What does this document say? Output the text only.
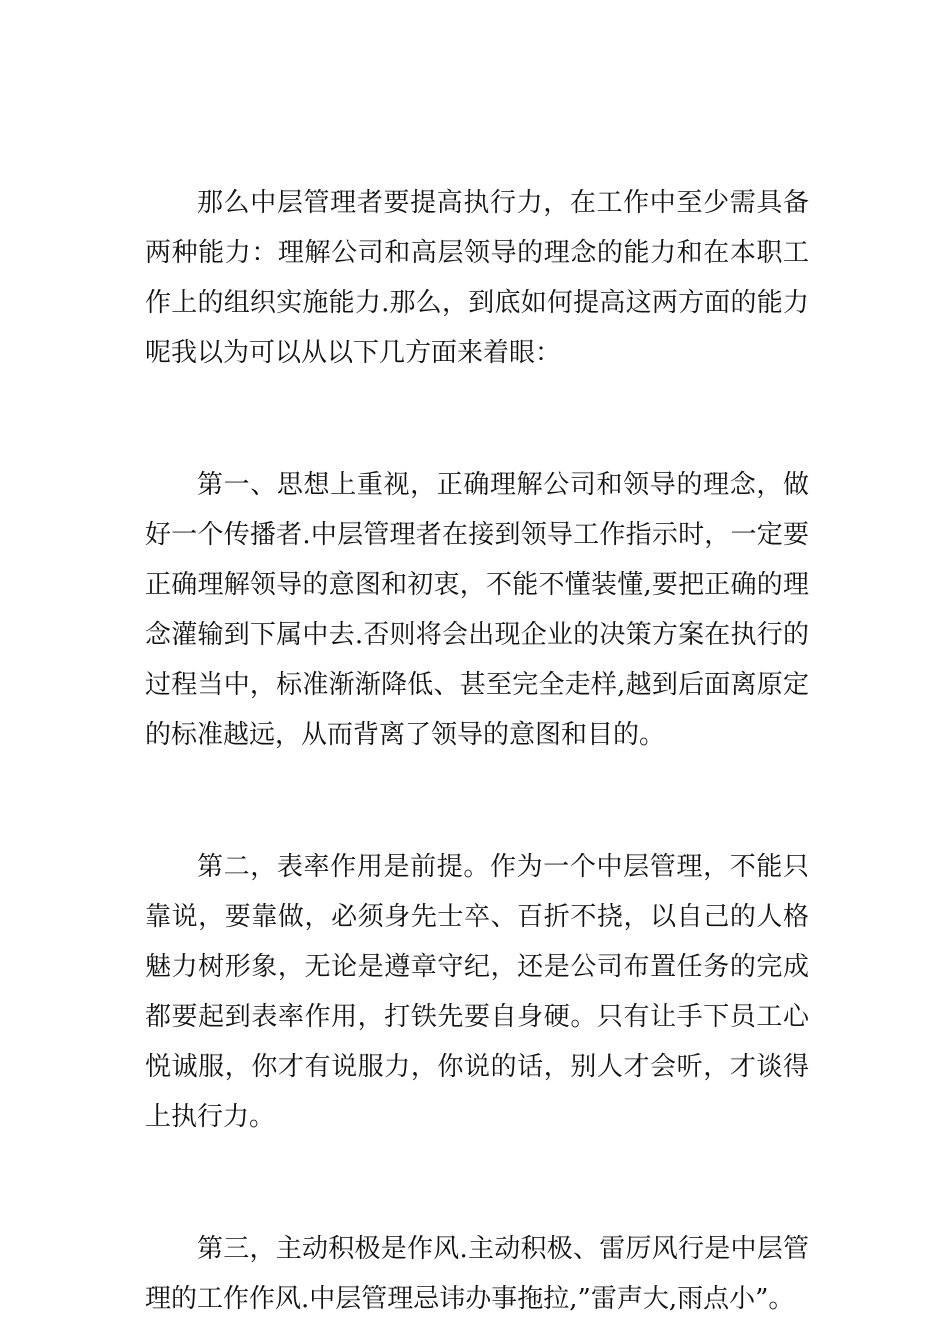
那么中层管理者要提高执行力，在工作中至少需具备两种能力：理解公司和高层领导的理念的能力和在本职工作上的组织实施能力.那么，到底如何提高这两方面的能力呢我以为可以从以下几方面来着眼：

第一、思想上重视，正确理解公司和领导的理念，做好一个传播者.中层管理者在接到领导工作指示时，一定要正确理解领导的意图和初衷，不能不懂装懂,要把正确的理念灌输到下属中去.否则将会出现企业的决策方案在执行的过程当中，标准渐渐降低、甚至完全走样,越到后面离原定的标准越远，从而背离了领导的意图和目的。

第二，表率作用是前提。作为一个中层管理，不能只靠说，要靠做，必须身先士卒、百折不挠，以自己的人格魅力树形象，无论是遵章守纪，还是公司布置任务的完成都要起到表率作用，打铁先要自身硬。只有让手下员工心悦诚服，你才有说服力，你说的话，别人才会听，才谈得上执行力。

第三，主动积极是作风.主动积极、雷厉风行是中层管理的工作作风.中层管理忌讳办事拖拉,”雷声大,雨点小”。
